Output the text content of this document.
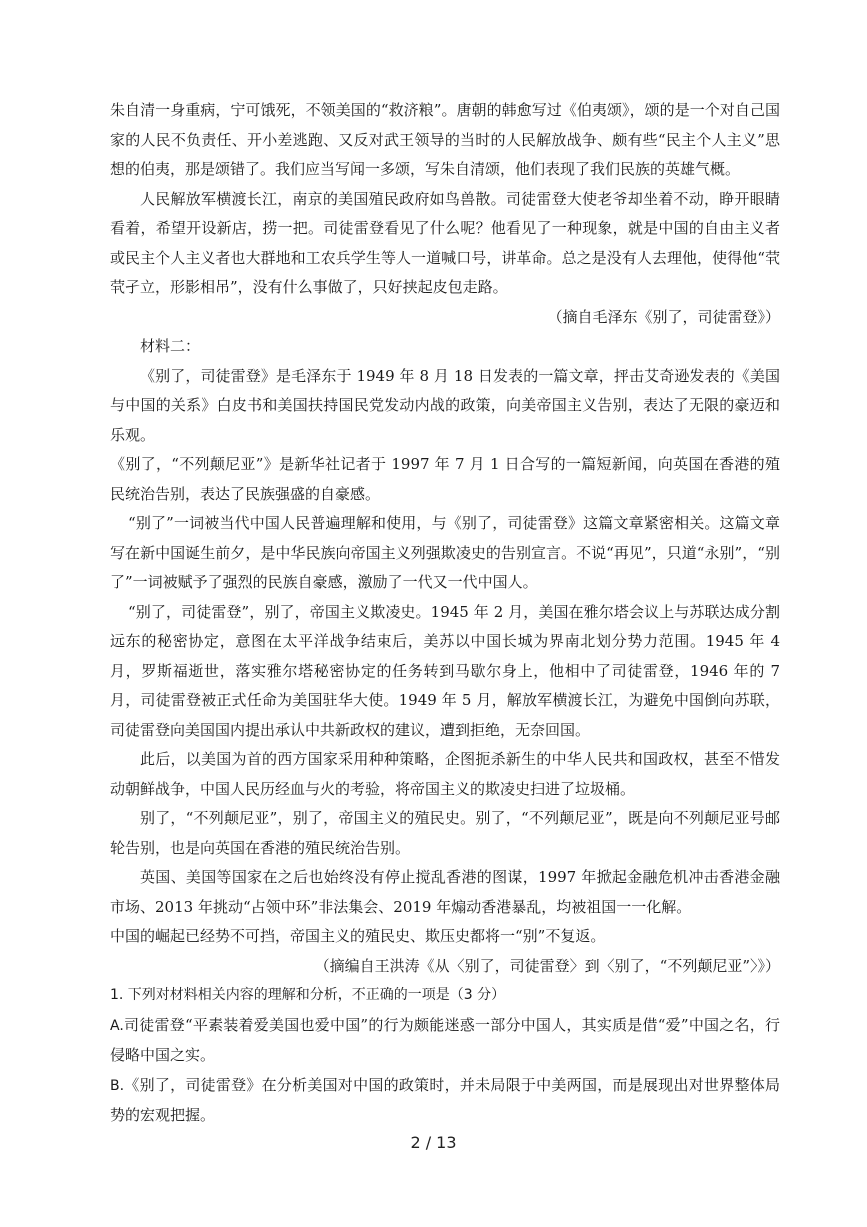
朱自清一身重病，宁可饿死，不领美国的“救济粮”。唐朝的韩愈写过《伯夷颂》，颂的是一个对自己国家的人民不负责任、开小差逃跑、又反对武王领导的当时的人民解放战争、颇有些“民主个人主义”思想的伯夷，那是颂错了。我们应当写闻一多颂，写朱自清颂，他们表现了我们民族的英雄气概。

人民解放军横渡长江，南京的美国殖民政府如鸟兽散。司徒雷登大使老爷却坐着不动，睁开眼睛看着，希望开设新店，捞一把。司徒雷登看见了什么呢？他看见了一种现象，就是中国的自由主义者或民主个人主义者也大群地和工农兵学生等人一道喊口号，讲革命。总之是没有人去理他，使得他“茕茕孑立，形影相吊”，没有什么事做了，只好挟起皮包走路。

（摘自毛泽东《别了，司徒雷登》）

材料二：

《别了，司徒雷登》是毛泽东于 1949 年 8 月 18 日发表的一篇文章，抨击艾奇逊发表的《美国与中国的关系》白皮书和美国扶持国民党发动内战的政策，向美帝国主义告别，表达了无限的豪迈和乐观。

《别了，“不列颠尼亚”》是新华社记者于 1997 年 7 月 1 日合写的一篇短新闻，向英国在香港的殖民统治告别，表达了民族强盛的自豪感。

“别了”一词被当代中国人民普遍理解和使用，与《别了，司徒雷登》这篇文章紧密相关。这篇文章写在新中国诞生前夕，是中华民族向帝国主义列强欺凌史的告别宣言。不说“再见”，只道“永别”，“别了”一词被赋予了强烈的民族自豪感，激励了一代又一代中国人。

“别了，司徒雷登”，别了，帝国主义欺凌史。1945 年 2 月，美国在雅尔塔会议上与苏联达成分割远东的秘密协定，意图在太平洋战争结束后，美苏以中国长城为界南北划分势力范围。1945 年 4 月，罗斯福逝世，落实雅尔塔秘密协定的任务转到马歇尔身上，他相中了司徒雷登，1946 年的 7 月，司徒雷登被正式任命为美国驻华大使。1949 年 5 月，解放军横渡长江，为避免中国倒向苏联，司徒雷登向美国国内提出承认中共新政权的建议，遭到拒绝，无奈回国。

此后，以美国为首的西方国家采用种种策略，企图扼杀新生的中华人民共和国政权，甚至不惜发动朝鲜战争，中国人民历经血与火的考验，将帝国主义的欺凌史扫进了垃圾桶。

别了，“不列颠尼亚”，别了，帝国主义的殖民史。别了，“不列颠尼亚”，既是向不列颠尼亚号邮轮告别，也是向英国在香港的殖民统治告别。

英国、美国等国家在之后也始终没有停止搅乱香港的图谋，1997 年掀起金融危机冲击香港金融市场、2013 年挑动“占领中环”非法集会、2019 年煽动香港暴乱，均被祖国一一化解。

中国的崛起已经势不可挡，帝国主义的殖民史、欺压史都将一“别”不复返。

（摘编自王洪涛《从〈别了，司徒雷登〉到〈别了，“不列颠尼亚”〉》）

1. 下列对材料相关内容的理解和分析，不正确的一项是（3 分）

A.司徒雷登“平素装着爱美国也爱中国”的行为颇能迷惑一部分中国人，其实质是借“爱”中国之名，行侵略中国之实。

B.《别了，司徒雷登》在分析美国对中国的政策时，并未局限于中美两国，而是展现出对世界整体局势的宏观把握。

2 / 13
